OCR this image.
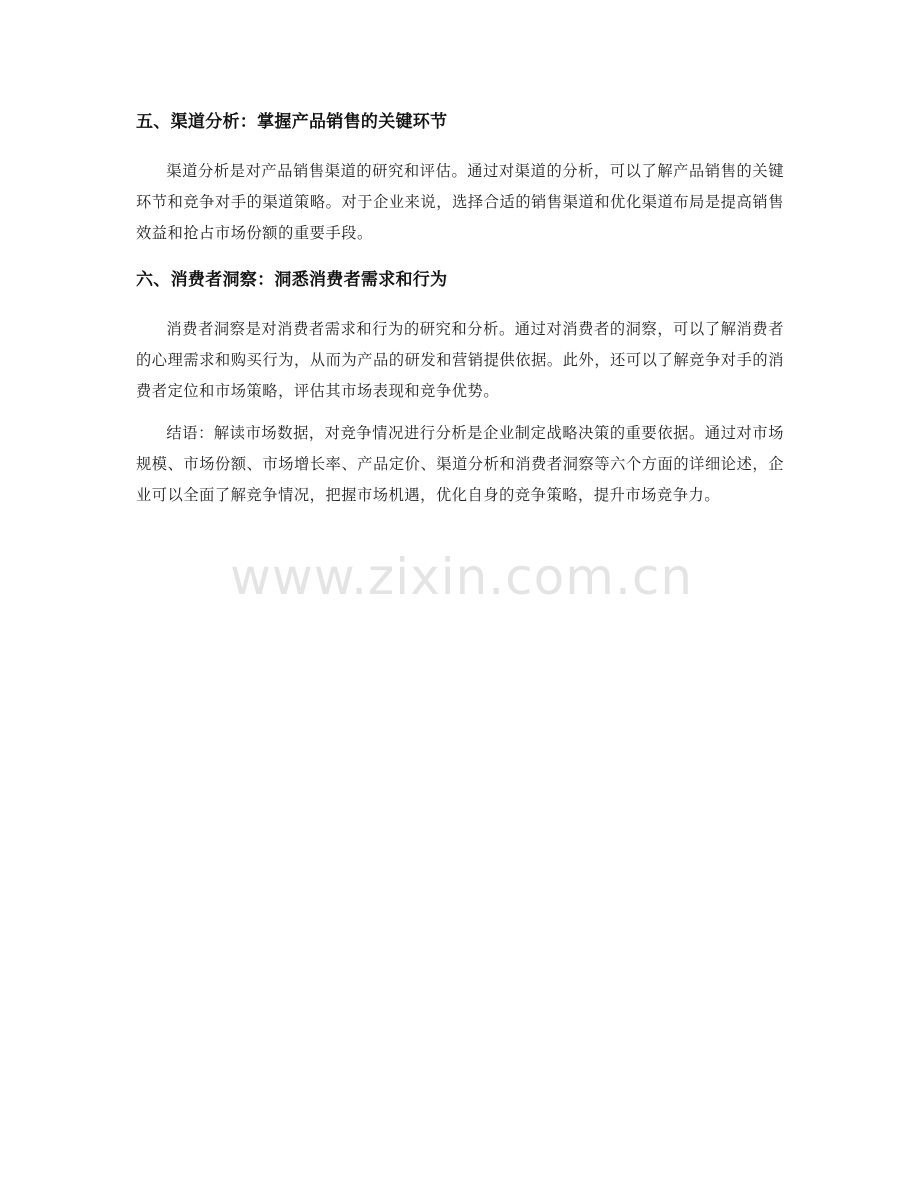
五、渠道分析：掌握产品销售的关键环节

渠道分析是对产品销售渠道的研究和评估。通过对渠道的分析，可以了解产品销售的关键环节和竞争对手的渠道策略。对于企业来说，选择合适的销售渠道和优化渠道布局是提高销售效益和抢占市场份额的重要手段。

六、消费者洞察：洞悉消费者需求和行为

消费者洞察是对消费者需求和行为的研究和分析。通过对消费者的洞察，可以了解消费者的心理需求和购买行为，从而为产品的研发和营销提供依据。此外，还可以了解竞争对手的消费者定位和市场策略，评估其市场表现和竞争优势。

结语：解读市场数据，对竞争情况进行分析是企业制定战略决策的重要依据。通过对市场规模、市场份额、市场增长率、产品定价、渠道分析和消费者洞察等六个方面的详细论述，企业可以全面了解竞争情况，把握市场机遇，优化自身的竞争策略，提升市场竞争力。

www.zixin.com.cn
